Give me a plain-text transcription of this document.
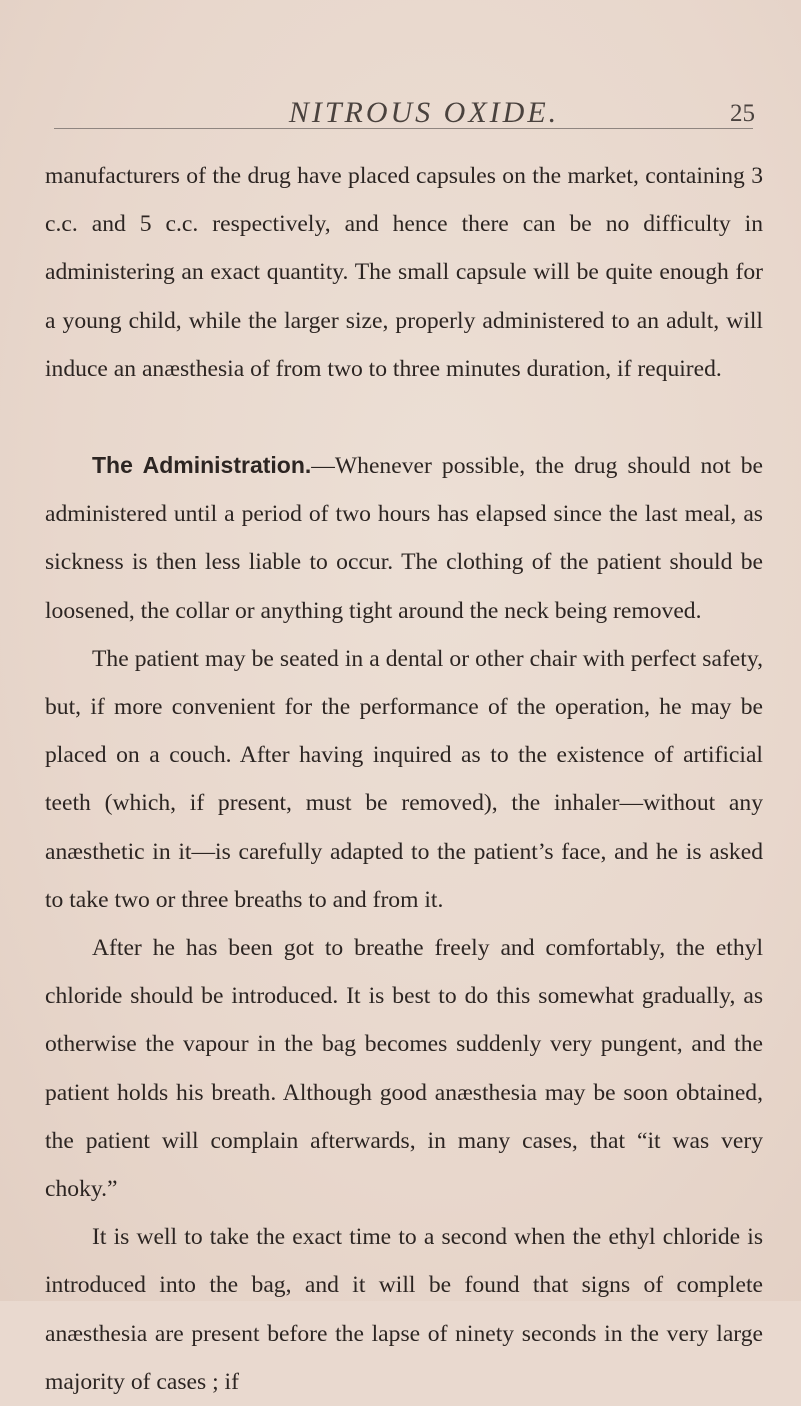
NITROUS OXIDE.	25

manufacturers of the drug have placed capsules on the market, containing 3 c.c. and 5 c.c. respectively, and hence there can be no difficulty in administering an exact quantity. The small capsule will be quite enough for a young child, while the larger size, properly administered to an adult, will induce an anæsthesia of from two to three minutes duration, if required.

The Administration.—Whenever possible, the drug should not be administered until a period of two hours has elapsed since the last meal, as sickness is then less liable to occur. The clothing of the patient should be loosened, the collar or anything tight around the neck being removed.

The patient may be seated in a dental or other chair with perfect safety, but, if more convenient for the performance of the operation, he may be placed on a couch. After having inquired as to the existence of artificial teeth (which, if present, must be removed), the inhaler—without any anæsthetic in it—is carefully adapted to the patient’s face, and he is asked to take two or three breaths to and from it.

After he has been got to breathe freely and comfortably, the ethyl chloride should be introduced. It is best to do this somewhat gradually, as otherwise the vapour in the bag becomes suddenly very pungent, and the patient holds his breath. Although good anæsthesia may be soon obtained, the patient will complain afterwards, in many cases, that “it was very choky.”

It is well to take the exact time to a second when the ethyl chloride is introduced into the bag, and it will be found that signs of complete anæsthesia are present before the lapse of ninety seconds in the very large majority of cases ; if
